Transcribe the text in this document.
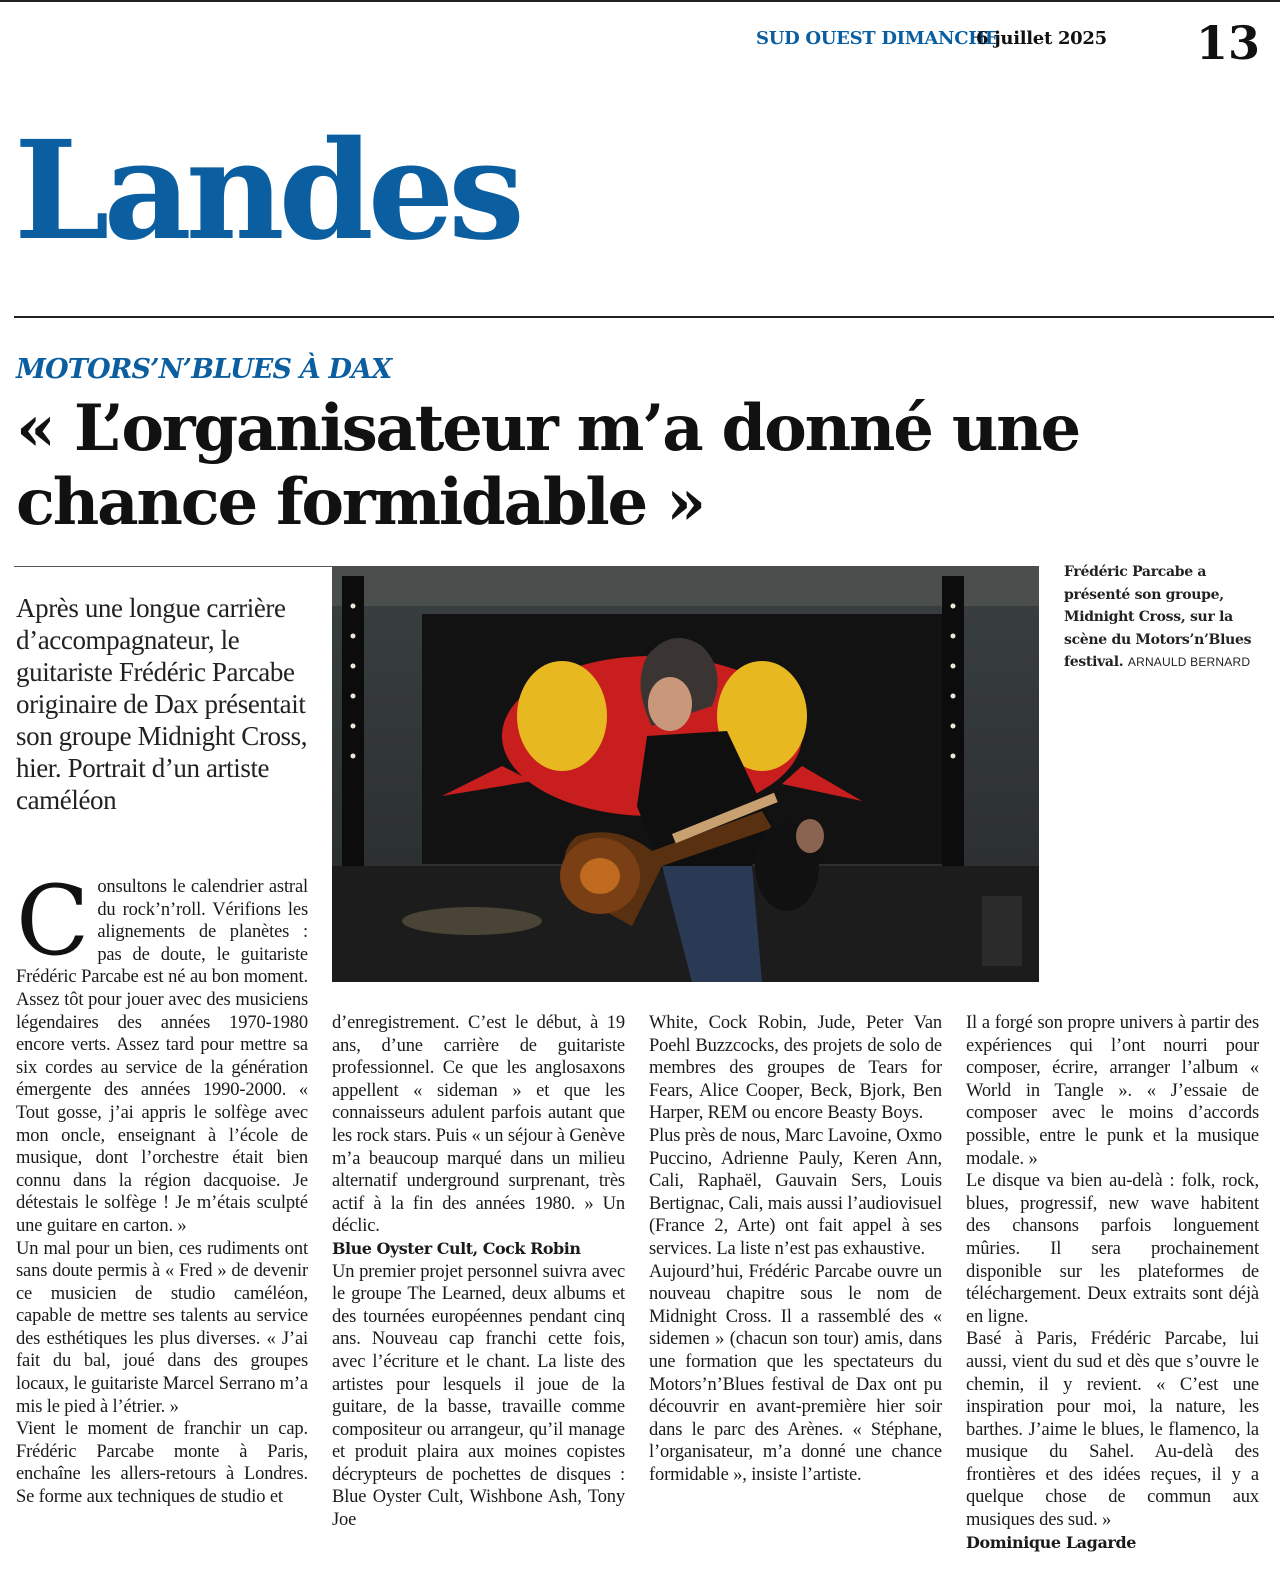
SUD OUEST DIMANCHE
6 juillet 2025 13
Landes
MOTORS’N’BLUES À DAX
« L’organisateur m’a donné une chance formidable »

Après une longue carrière d’accompagnateur, le guitariste Frédéric Parcabe originaire de Dax présentait son groupe Midnight Cross, hier. Portrait d’un artiste caméléon

Frédéric Parcabe a présenté son groupe, Midnight Cross, sur la scène du Motors’n’Blues festival. ARNAULD BERNARD
C onsultons le calendrier astral du rock’n’roll. Vérifions les alignements de planètes : pas de doute, le guitariste Frédéric Parcabe est né au bon moment. Assez tôt pour jouer avec des musiciens légendaires des années 1970-1980 encore verts. Assez tard pour mettre sa six cordes au service de la génération émergente des années 1990-2000. « Tout gosse, j’ai appris le solfège avec mon oncle, enseignant à l’école de musique, dont l’orchestre était bien connu dans la région dacquoise. Je détestais le solfège ! Je m’étais sculpté une guitare en carton. »

Un mal pour un bien, ces rudiments ont sans doute permis à « Fred » de devenir ce musicien de studio caméléon, capable de mettre ses talents au service des esthétiques les plus diverses. « J’ai fait du bal, joué dans des groupes locaux, le guitariste Marcel Serrano m’a mis le pied à l’étrier. »

Vient le moment de franchir un cap. Frédéric Parcabe monte à Paris, enchaîne les allers-retours à Londres. Se forme aux techniques de studio et

d’enregistrement. C’est le début, à 19 ans, d’une carrière de guitariste professionnel. Ce que les anglosaxons appellent « sideman » et que les connaisseurs adulent parfois autant que les rock stars. Puis « un séjour à Genève m’a beaucoup marqué dans un milieu alternatif underground surprenant, très actif à la fin des années 1980. » Un déclic.

Blue Oyster Cult, Cock Robin

Un premier projet personnel suivra avec le groupe The Learned, deux albums et des tournées européennes pendant cinq ans. Nouveau cap franchi cette fois, avec l’écriture et le chant. La liste des artistes pour lesquels il joue de la guitare, de la basse, travaille comme compositeur ou arrangeur, qu’il manage et produit plaira aux moines copistes décrypteurs de pochettes de disques : Blue Oyster Cult, Wishbone Ash, Tony Joe

White, Cock Robin, Jude, Peter Van Poehl Buzzcocks, des projets de solo de membres des groupes de Tears for Fears, Alice Cooper, Beck, Bjork, Ben Harper, REM ou encore Beasty Boys.

Plus près de nous, Marc Lavoine, Oxmo Puccino, Adrienne Pauly, Keren Ann, Cali, Raphaël, Gauvain Sers, Louis Bertignac, Cali, mais aussi l’audiovisuel (France 2, Arte) ont fait appel à ses services. La liste n’est pas exhaustive.

Aujourd’hui, Frédéric Parcabe ouvre un nouveau chapitre sous le nom de Midnight Cross. Il a rassemblé des « sidemen » (chacun son tour) amis, dans une formation que les spectateurs du Motors’n’Blues festival de Dax ont pu découvrir en avant-première hier soir dans le parc des Arènes. « Stéphane, l’organisateur, m’a donné une chance formidable », insiste l’artiste.

Il a forgé son propre univers à partir des expériences qui l’ont nourri pour composer, écrire, arranger l’album « World in Tangle ». « J’essaie de composer avec le moins d’accords possible, entre le punk et la musique modale. »

Le disque va bien au-delà : folk, rock, blues, progressif, new wave habitent des chansons parfois longuement mûries. Il sera prochainement disponible sur les plateformes de téléchargement. Deux extraits sont déjà en ligne.

Basé à Paris, Frédéric Parcabe, lui aussi, vient du sud et dès que s’ouvre le chemin, il y revient. « C’est une inspiration pour moi, la nature, les barthes. J’aime le blues, le flamenco, la musique du Sahel. Au-delà des frontières et des idées reçues, il y a quelque chose de commun aux musiques des sud. »

Dominique Lagarde
